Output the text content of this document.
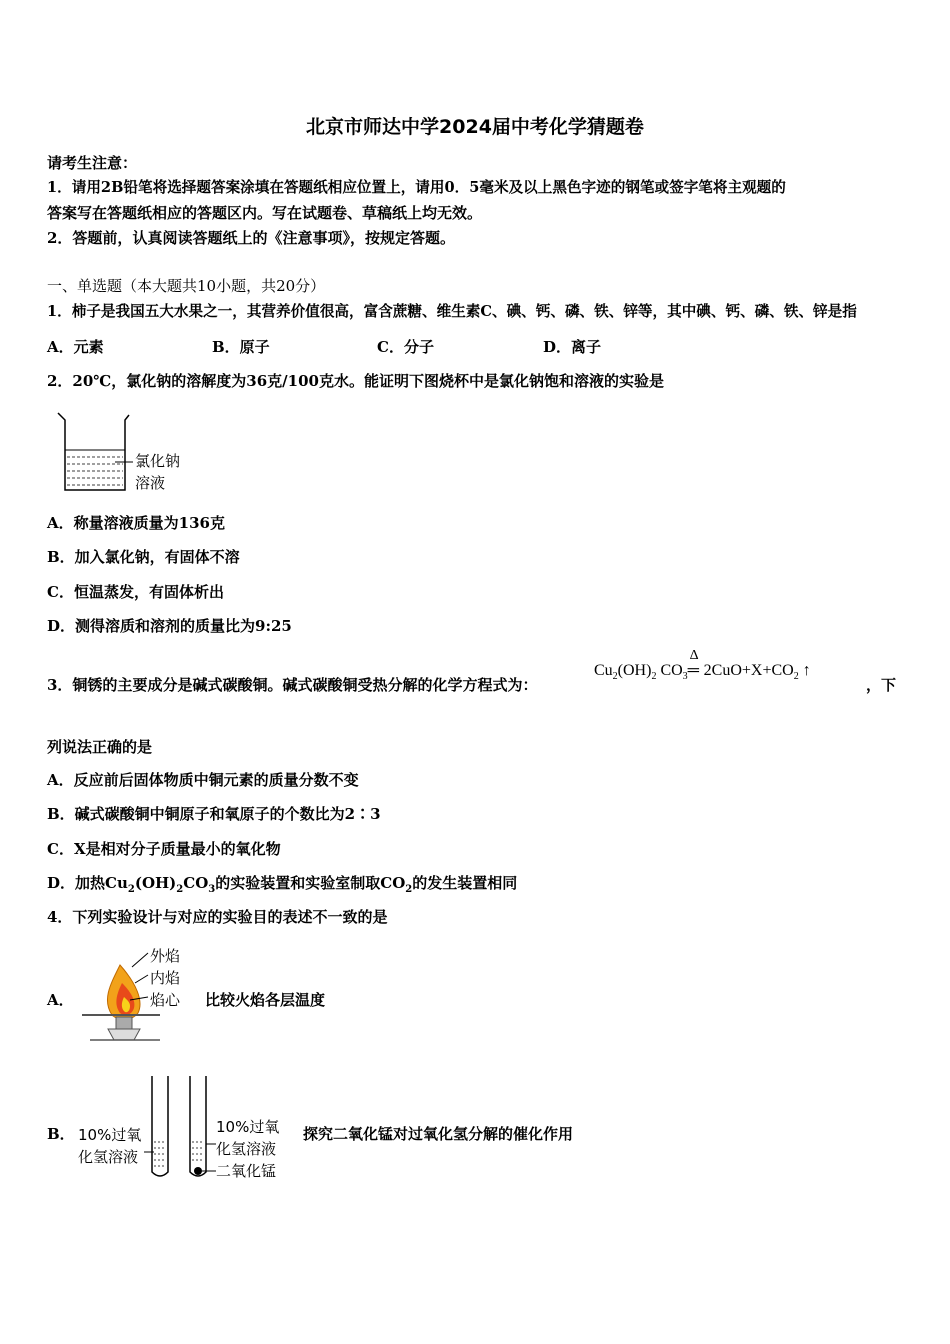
北京市师达中学2024届中考化学猜题卷
请考生注意：
1．请用2B铅笔将选择题答案涂填在答题纸相应位置上，请用0．5毫米及以上黑色字迹的钢笔或签字笔将主观题的
答案写在答题纸相应的答题区内。写在试题卷、草稿纸上均无效。
2．答题前，认真阅读答题纸上的《注意事项》，按规定答题。
一、单选题（本大题共10小题，共20分）
1．柿子是我国五大水果之一，其营养价值很高，富含蔗糖、维生素C、碘、钙、磷、铁、锌等，其中碘、钙、磷、铁、锌是指
A．元素	B．原子	C．分子	D．离子
2．20℃，氯化钠的溶解度为36克/100克水。能证明下图烧杯中是氯化钠饱和溶液的实验是
氯化钠
溶液
A．称量溶液质量为136克
B．加入氯化钠，有固体不溶
C．恒温蒸发，有固体析出
D．测得溶质和溶剂的质量比为9:25
3．铜锈的主要成分是碱式碳酸铜。碱式碳酸铜受热分解的化学方程式为：
$Cu_2(OH)_2$ $CO_3$
Δ
═ $2CuO+X+CO_2$ ↑
，下
列说法正确的是
A．反应前后固体物质中铜元素的质量分数不变
B．碱式碳酸铜中铜原子和氧原子的个数比为2∶3
C．X是相对分子质量最小的氧化物
D．加热$Cu_2(OH)_2CO_3$的实验装置和实验室制取$CO_2$的发生装置相同
4．下列实验设计与对应的实验目的表述不一致的是
A．
外焰
内焰
焰心 比较火焰各层温度
B． 10%过氧
化氢溶液
10%过氧
化氢溶液
二氧化锰
探究二氧化锰对过氧化氢分解的催化作用
